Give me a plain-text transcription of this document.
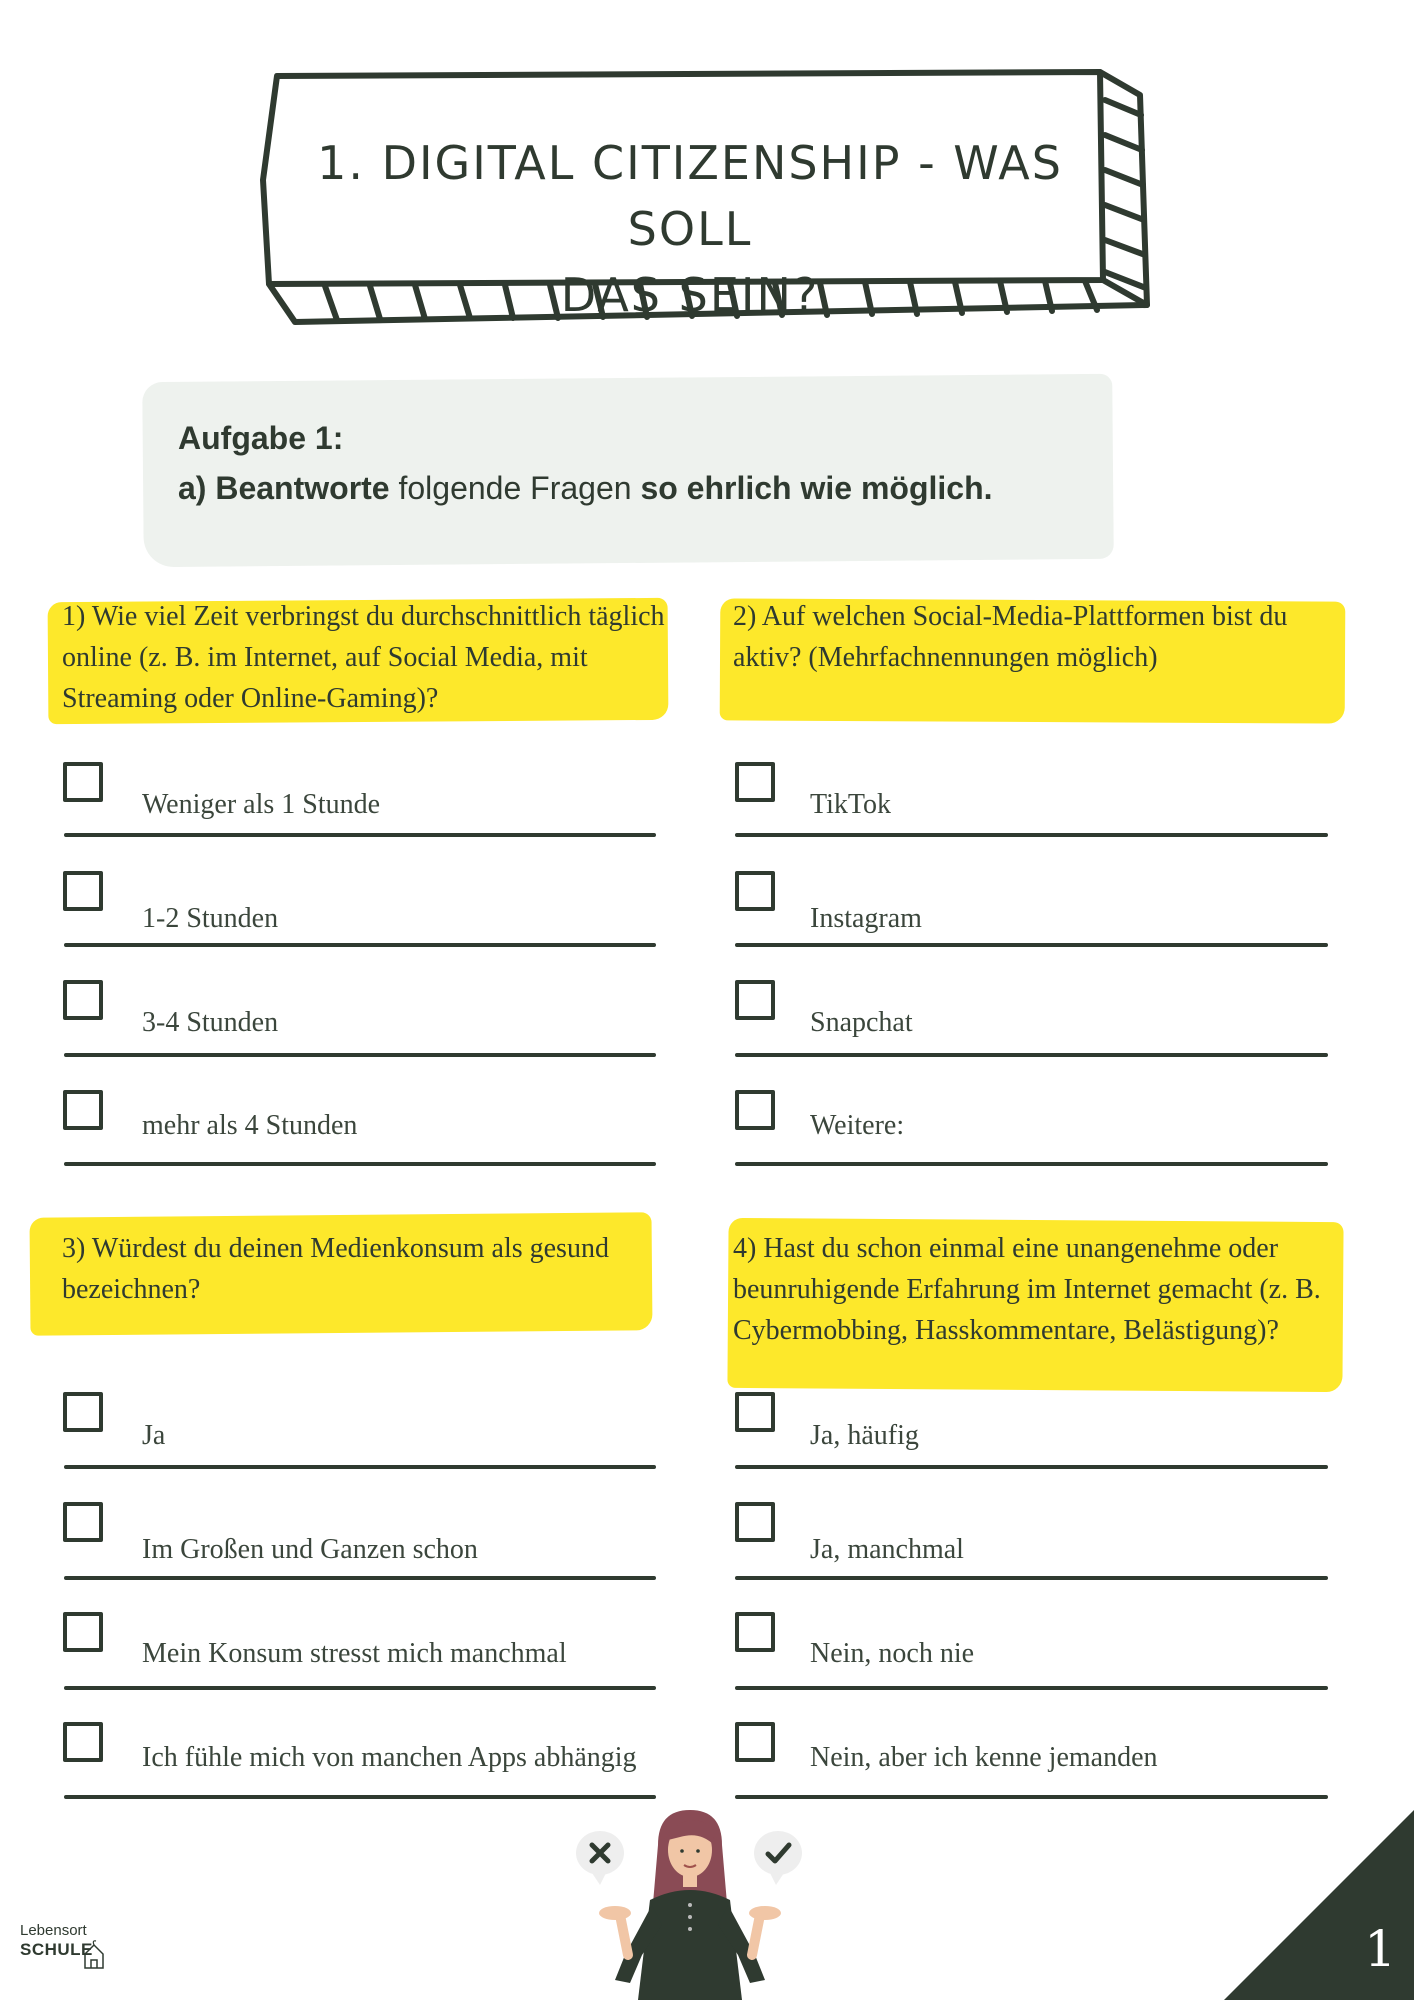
1. DIGITAL CITIZENSHIP - WAS SOLL
DAS SEIN?
Aufgabe 1:
a) Beantworte folgende Fragen so ehrlich wie möglich.
1) Wie viel Zeit verbringst du durchschnittlich täglich online (z. B. im Internet, auf Social Media, mit Streaming oder Online-Gaming)?
Weniger als 1 Stunde
1-2 Stunden
3-4 Stunden
mehr als 4 Stunden
2) Auf welchen Social-Media-Plattformen bist du aktiv? (Mehrfachnennungen möglich)
TikTok
Instagram
Snapchat
Weitere:
3) Würdest du deinen Medienkonsum als gesund bezeichnen?
Ja
Im Großen und Ganzen schon
Mein Konsum stresst mich manchmal
Ich fühle mich von manchen Apps abhängig
4) Hast du schon einmal eine unangenehme oder beunruhigende Erfahrung im Internet gemacht (z. B. Cybermobbing, Hasskommentare, Belästigung)?
Ja, häufig
Ja, manchmal
Nein, noch nie
Nein, aber ich kenne jemanden
Lebensort
SCHULE	1
